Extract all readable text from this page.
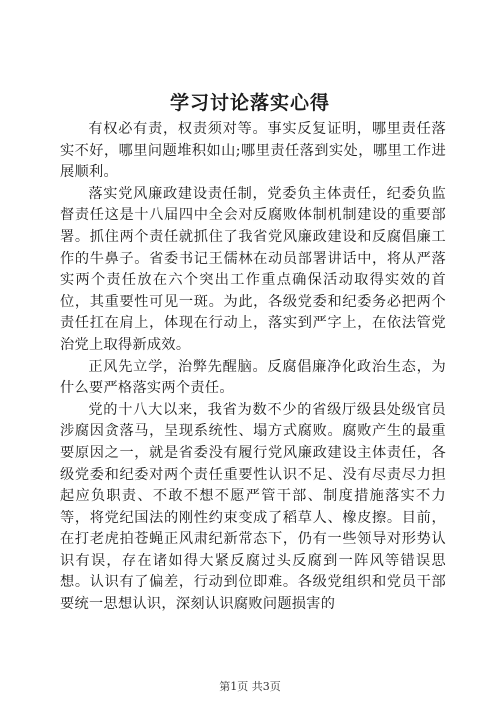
学习讨论落实心得

有权必有责，权责须对等。事实反复证明，哪里责任落实不好，哪里问题堆积如山;哪里责任落到实处，哪里工作进展顺利。

落实党风廉政建设责任制，党委负主体责任，纪委负监督责任这是十八届四中全会对反腐败体制机制建设的重要部署。抓住两个责任就抓住了我省党风廉政建设和反腐倡廉工作的牛鼻子。省委书记王儒林在动员部署讲话中，将从严落实两个责任放在六个突出工作重点确保活动取得实效的首位，其重要性可见一斑。为此，各级党委和纪委务必把两个责任扛在肩上，体现在行动上，落实到严字上，在依法管党治党上取得新成效。

正风先立学，治弊先醒脑。反腐倡廉净化政治生态，为什么要严格落实两个责任。

党的十八大以来，我省为数不少的省级厅级县处级官员涉腐因贪落马，呈现系统性、塌方式腐败。腐败产生的最重要原因之一，就是省委没有履行党风廉政建设主体责任，各级党委和纪委对两个责任重要性认识不足、没有尽责尽力担起应负职责、不敢不想不愿严管干部、制度措施落实不力等，将党纪国法的刚性约束变成了稻草人、橡皮擦。目前，在打老虎拍苍蝇正风肃纪新常态下，仍有一些领导对形势认识有误，存在诸如得大紧反腐过头反腐到一阵风等错误思想。认识有了偏差，行动到位即难。各级党组织和党员干部要统一思想认识，深刻认识腐败问题损害的

第1页 共3页
